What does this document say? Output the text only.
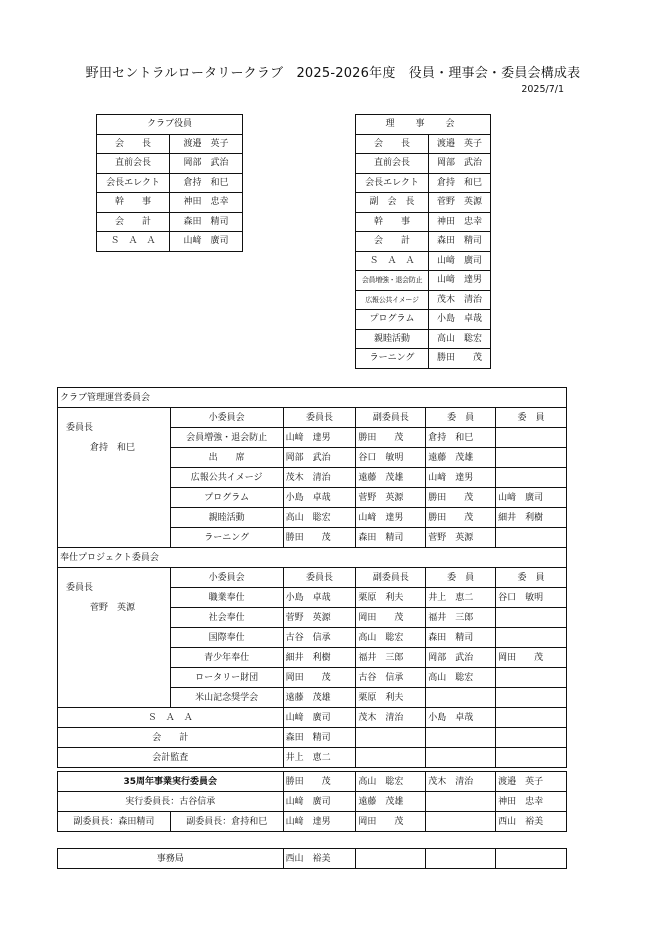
野田セントラルロータリークラブ　2025-2026年度　役員・理事会・委員会構成表
2025/7/1
クラブ役員	
会　　長	渡邉　英子
直前会長	岡部　武治
会長エレクト	倉持　和巳
幹　　事	神田　忠幸
会　　計	森田　精司
Ｓ　Ａ　Ａ	山﨑　廣司
理　事　会	
会　　長	渡邉　英子
直前会長	岡部　武治
会長エレクト	倉持　和巳
副　会　長	菅野　英源
幹　　事	神田　忠幸
会　　計	森田　精司
Ｓ　Ａ　Ａ	山﨑　廣司
会員増強・退会防止	山﨑　達男
広報公共イメージ	茂木　清治
プログラム	小島　卓哉
親睦活動	高山　聡宏
ラーニング	勝田　　茂
クラブ管理運営委員会					

委員長
倉持　和巳	小委員会	委員長	副委員長	委　員	委　員
	会員増強・退会防止	山﨑　達男	勝田　　茂	倉持　和巳	
	出　　席	岡部　武治	谷口　敏明	遠藤　茂雄	
	広報公共イメージ	茂木　清治	遠藤　茂雄	山﨑　達男	
	プログラム	小島　卓哉	菅野　英源	勝田　　茂	山﨑　廣司
	親睦活動	高山　聡宏	山﨑　達男	勝田　　茂	細井　利樹
	ラーニング	勝田　　茂	森田　精司	菅野　英源	
奉仕プロジェクト委員会					

委員長
菅野　英源	小委員会	委員長	副委員長	委　員	委　員
	職業奉仕	小島　卓哉	栗原　利夫	井上　恵二	谷口　敏明
	社会奉仕	菅野　英源	岡田　　茂	福井　三郎	
	国際奉仕	古谷　信承	高山　聡宏	森田　精司	
	青少年奉仕	細井　利樹	福井　三郎	岡部　武治	岡田　　茂
	ロータリー財団	岡田　　茂	古谷　信承	高山　聡宏	
	米山記念奨学会	遠藤　茂雄	栗原　利夫		
Ｓ　Ａ　Ａ		山﨑　廣司	茂木　清治	小島　卓哉	
会　　計		森田　精司			
会計監査		井上　恵二			
35周年事業実行委員会		勝田　　茂	高山　聡宏	茂木　清治	渡邉　英子
実行委員長：古谷信承		山﨑　廣司	遠藤　茂雄		神田　忠幸
副委員長：森田精司	副委員長：倉持和巳	山﨑　達男	岡田　　茂		西山　裕美
事務局	西山　裕美			
